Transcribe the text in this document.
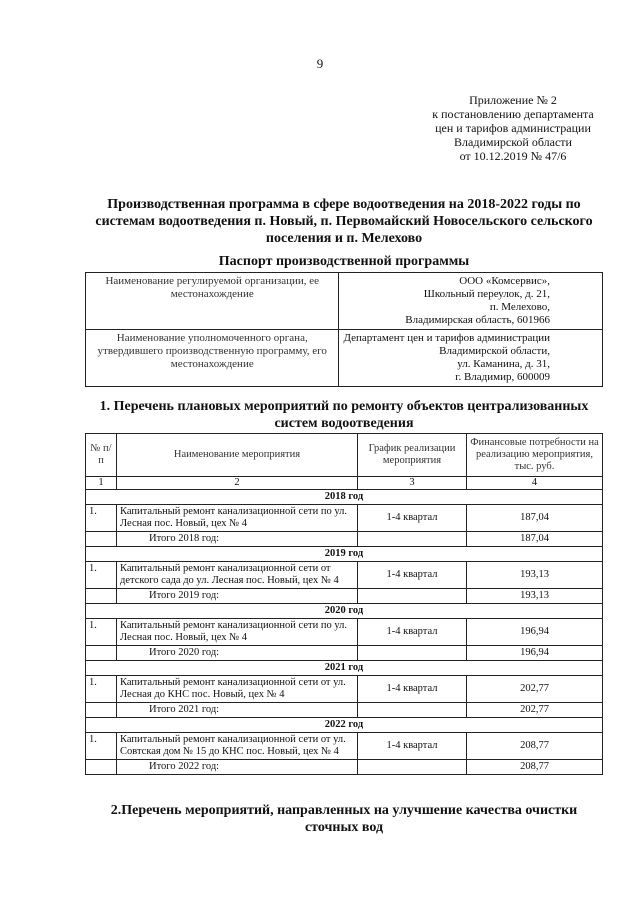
9
Приложение № 2
к постановлению департамента
цен и тарифов администрации
Владимирской области
от 10.12.2019 № 47/6
Производственная программа в сфере водоотведения на 2018-2022 годы по системам водоотведения п. Новый, п. Первомайский Новосельского сельского поселения и п. Мелехово
Паспорт производственной программы
Наименование регулируемой организации, ее местонахождение	ООО «Комсервис»,
Школьный переулок, д. 21,
п. Мелехово,
Владимирская область, 601966

Наименование уполномоченного органа, утвердившего производственную программу, его местонахождение	Департамент цен и тарифов администрации
Владимирской области,
ул. Каманина, д. 31,
г. Владимир, 600009
1. Перечень плановых мероприятий по ремонту объектов централизованных систем водоотведения
№ п/п	Наименование мероприятия	График реализации мероприятия	Финансовые потребности на реализацию мероприятия, тыс. руб.
1	2	3	4
2018 год			
1.	Капитальный ремонт канализационной сети по ул. Лесная пос. Новый, цех № 4	1-4 квартал	187,04
	Итого 2018 год:		187,04
2019 год			
1.	Капитальный ремонт канализационной сети от детского сада до ул. Лесная пос. Новый, цех № 4	1-4 квартал	193,13
	Итого 2019 год:		193,13
2020 год			
1.	Капитальный ремонт канализационной сети по ул. Лесная пос. Новый, цех № 4	1-4 квартал	196,94
	Итого 2020 год:		196,94
2021 год			
1.	Капитальный ремонт канализационной сети от ул. Лесная до КНС пос. Новый, цех № 4	1-4 квартал	202,77
	Итого 2021 год:		202,77
2022 год			
1.	Капитальный ремонт канализационной сети от ул. Совтская дом № 15 до КНС пос. Новый, цех № 4	1-4 квартал	208,77
	Итого 2022 год:		208,77
2.Перечень мероприятий, направленных на улучшение качества очистки сточных вод
